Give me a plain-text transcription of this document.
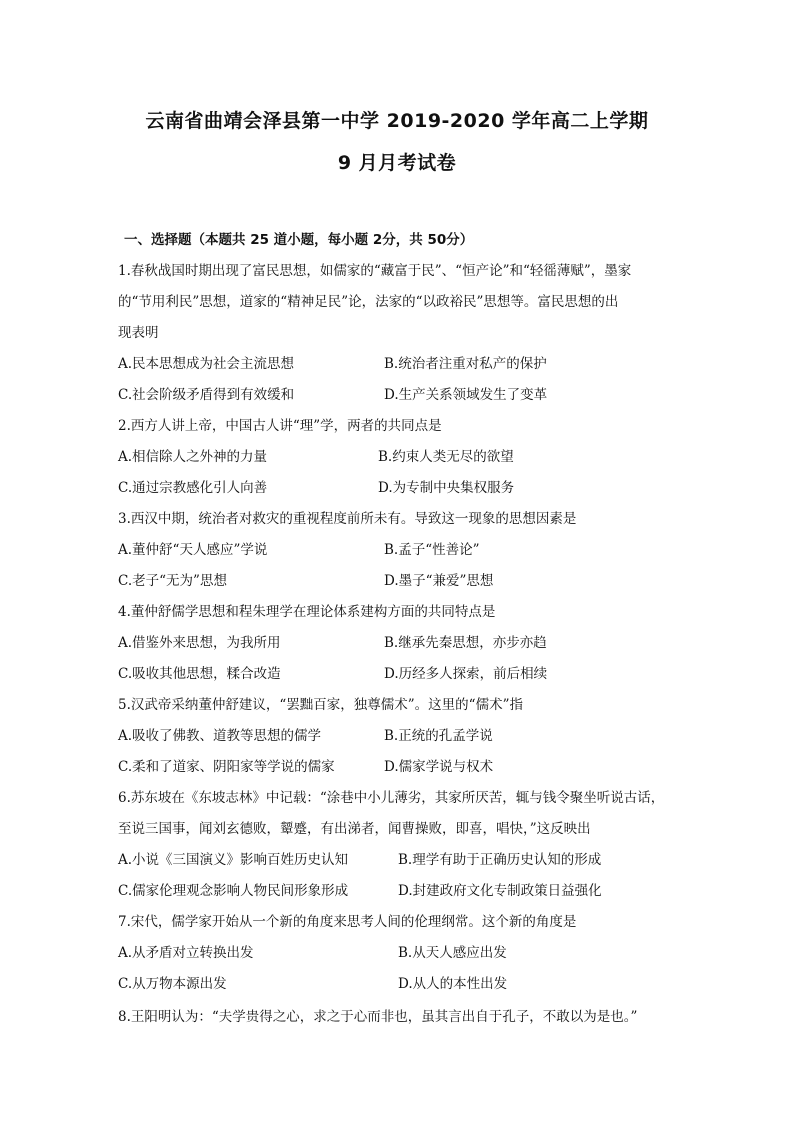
云南省曲靖会泽县第一中学 2019-2020 学年高二上学期
9 月月考试卷
一、选择题（本题共 25 道小题，每小题 2分，共 50分）
1.春秋战国时期出现了富民思想，如儒家的“藏富于民”、“恒产论”和“轻徭薄赋”，墨家
的“节用利民”思想，道家的“精神足民”论，法家的“以政裕民”思想等。富民思想的出
现表明
A.民本思想成为社会主流思想	B.统治者注重对私产的保护
C.社会阶级矛盾得到有效缓和	D.生产关系领域发生了变革
2.西方人讲上帝，中国古人讲“理”学，两者的共同点是
A.相信除人之外神的力量	B.约束人类无尽的欲望
C.通过宗教感化引人向善	D.为专制中央集权服务
3.西汉中期，统治者对救灾的重视程度前所未有。导致这一现象的思想因素是
A.董仲舒“天人感应”学说	B.孟子“性善论”
C.老子“无为”思想	D.墨子“兼爱”思想
4.董仲舒儒学思想和程朱理学在理论体系建构方面的共同特点是
A.借鉴外来思想，为我所用	B.继承先秦思想，亦步亦趋
C.吸收其他思想，糅合改造	D.历经多人探索，前后相续
5.汉武帝采纳董仲舒建议，“罢黜百家，独尊儒术”。这里的“儒术”指
A.吸收了佛教、道教等思想的儒学	B.正统的孔孟学说
C.柔和了道家、阴阳家等学说的儒家	D.儒家学说与权术
6.苏东坡在《东坡志林》中记载：“涂巷中小儿薄劣，其家所厌苦，辄与钱令聚坐听说古话，
至说三国事，闻刘玄德败，颦蹙，有出涕者，闻曹操败，即喜，唱快，”这反映出
A.小说《三国演义》影响百姓历史认知	B.理学有助于正确历史认知的形成
C.儒家伦理观念影响人物民间形象形成	D.封建政府文化专制政策日益强化
7.宋代，儒学家开始从一个新的角度来思考人间的伦理纲常。这个新的角度是
A.从矛盾对立转换出发	B.从天人感应出发
C.从万物本源出发	D.从人的本性出发
8.王阳明认为：“夫学贵得之心，求之于心而非也，虽其言出自于孔子，不敢以为是也。”
